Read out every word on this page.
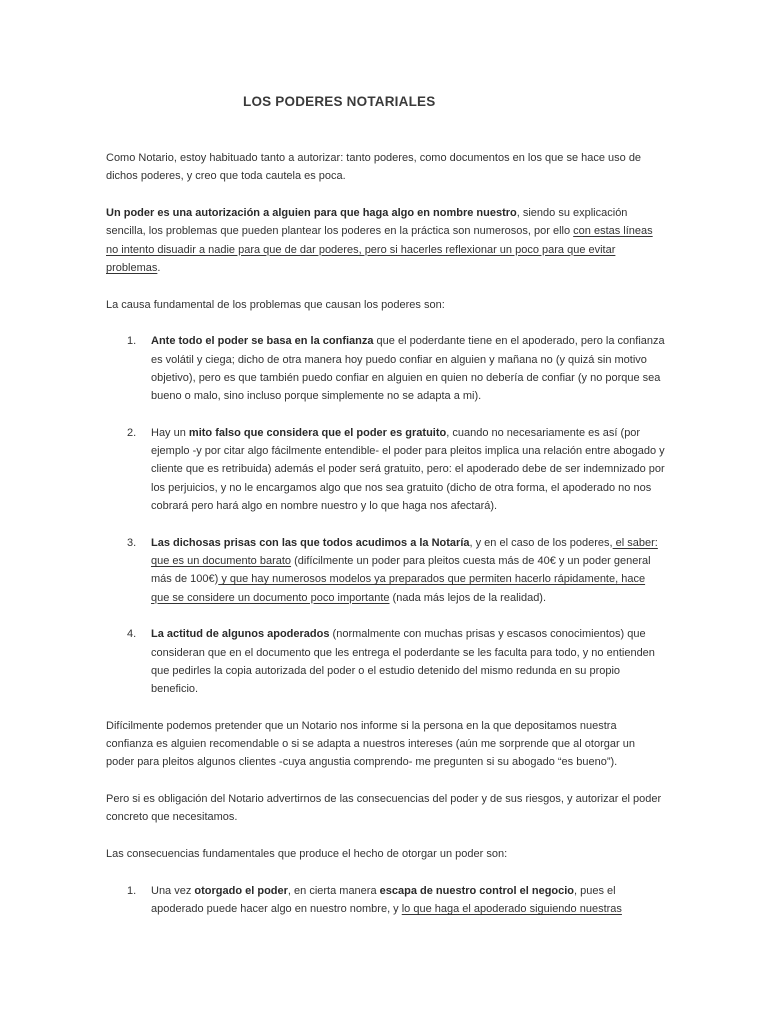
LOS PODERES NOTARIALES

Como Notario, estoy habituado tanto a autorizar: tanto poderes, como documentos en los que se hace uso de dichos poderes, y creo que toda cautela es poca.

Un poder es una autorización a alguien para que haga algo en nombre nuestro, siendo su explicación sencilla, los problemas que pueden plantear los poderes en la práctica son numerosos, por ello con estas líneas no intento disuadir a nadie para que de dar poderes, pero si hacerles reflexionar un poco para que evitar problemas.

La causa fundamental de los problemas que causan los poderes son:

1. Ante todo el poder se basa en la confianza que el poderdante tiene en el apoderado, pero la confianza es volátil y ciega; dicho de otra manera hoy puedo confiar en alguien y mañana no (y quizá sin motivo objetivo), pero es que también puedo confiar en alguien en quien no debería de confiar (y no porque sea bueno o malo, sino incluso porque simplemente no se adapta a mi).
2. Hay un mito falso que considera que el poder es gratuito, cuando no necesariamente es así (por ejemplo -y por citar algo fácilmente entendible- el poder para pleitos implica una relación entre abogado y cliente que es retribuida) además el poder será gratuito, pero: el apoderado debe de ser indemnizado por los perjuicios, y no le encargamos algo que nos sea gratuito (dicho de otra forma, el apoderado no nos cobrará pero hará algo en nombre nuestro y lo que haga nos afectará).
3. Las dichosas prisas con las que todos acudimos a la Notaría, y en el caso de los poderes, el saber: que es un documento barato (difícilmente un poder para pleitos cuesta más de 40€ y un poder general más de 100€) y que hay numerosos modelos ya preparados que permiten hacerlo rápidamente, hace que se considere un documento poco importante (nada más lejos de la realidad).
4. La actitud de algunos apoderados (normalmente con muchas prisas y escasos conocimientos) que consideran que en el documento que les entrega el poderdante se les faculta para todo, y no entienden que pedirles la copia autorizada del poder o el estudio detenido del mismo redunda en su propio beneficio.

Difícilmente podemos pretender que un Notario nos informe si la persona en la que depositamos nuestra confianza es alguien recomendable o si se adapta a nuestros intereses (aún me sorprende que al otorgar un poder para pleitos algunos clientes -cuya angustia comprendo- me pregunten si su abogado “es bueno”).

Pero si es obligación del Notario advertirnos de las consecuencias del poder y de sus riesgos, y autorizar el poder concreto que necesitamos.

Las consecuencias fundamentales que produce el hecho de otorgar un poder son:

1. Una vez otorgado el poder, en cierta manera escapa de nuestro control el negocio, pues el apoderado puede hacer algo en nuestro nombre, y lo que haga el apoderado siguiendo nuestras
